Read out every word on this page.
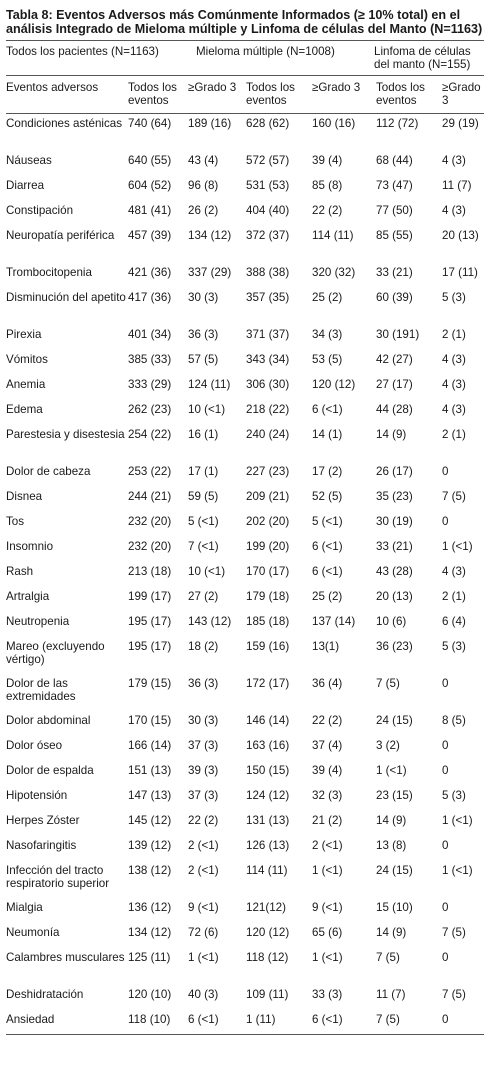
Tabla 8: Eventos Adversos más Comúnmente Informados (≥ 10% total) en el análisis Integrado de Mieloma múltiple y Linfoma de células del Manto (N=1163)
Todos los pacientes (N=1163)	Mieloma múltiple (N=1008)	Linfoma de células del manto (N=155)
Eventos adversos	Todos los eventos	≥Grado 3	Todos los eventos	≥Grado 3	Todos los eventos	≥Grado 3
Condiciones asténicas	740 (64)	189 (16)	628 (62)	160 (16)	112 (72)	29 (19)
Náuseas	640 (55)	43 (4)	572 (57)	39 (4)	68 (44)	4 (3)
Diarrea	604 (52)	96 (8)	531 (53)	85 (8)	73 (47)	11 (7)
Constipación	481 (41)	26 (2)	404 (40)	22 (2)	77 (50)	4 (3)
Neuropatía periférica	457 (39)	134 (12)	372 (37)	114 (11)	85 (55)	20 (13)
Trombocitopenia	421 (36)	337 (29)	388 (38)	320 (32)	33 (21)	17 (11)
Disminución del apetito	417 (36)	30 (3)	357 (35)	25 (2)	60 (39)	5 (3)
Pirexia	401 (34)	36 (3)	371 (37)	34 (3)	30 (191)	2 (1)
Vómitos	385 (33)	57 (5)	343 (34)	53 (5)	42 (27)	4 (3)
Anemia	333 (29)	124 (11)	306 (30)	120 (12)	27 (17)	4 (3)
Edema	262 (23)	10 (<1)	218 (22)	6 (<1)	44 (28)	4 (3)
Parestesia y disestesia	254 (22)	16 (1)	240 (24)	14 (1)	14 (9)	2 (1)
Dolor de cabeza	253 (22)	17 (1)	227 (23)	17 (2)	26 (17)	0
Disnea	244 (21)	59 (5)	209 (21)	52 (5)	35 (23)	7 (5)
Tos	232 (20)	5 (<1)	202 (20)	5 (<1)	30 (19)	0
Insomnio	232 (20)	7 (<1)	199 (20)	6 (<1)	33 (21)	1 (<1)
Rash	213 (18)	10 (<1)	170 (17)	6 (<1)	43 (28)	4 (3)
Artralgia	199 (17)	27 (2)	179 (18)	25 (2)	20 (13)	2 (1)
Neutropenia	195 (17)	143 (12)	185 (18)	137 (14)	10 (6)	6 (4)
Mareo (excluyendo vértigo)	195 (17)	18 (2)	159 (16)	13(1)	36 (23)	5 (3)
Dolor de las extremidades	179 (15)	36 (3)	172 (17)	36 (4)	7 (5)	0
Dolor abdominal	170 (15)	30 (3)	146 (14)	22 (2)	24 (15)	8 (5)
Dolor óseo	166 (14)	37 (3)	163 (16)	37 (4)	3 (2)	0
Dolor de espalda	151 (13)	39 (3)	150 (15)	39 (4)	1 (<1)	0
Hipotensión	147 (13)	37 (3)	124 (12)	32 (3)	23 (15)	5 (3)
Herpes Zóster	145 (12)	22 (2)	131 (13)	21 (2)	14 (9)	1 (<1)
Nasofaringitis	139 (12)	2 (<1)	126 (13)	2 (<1)	13 (8)	0
Infección del tracto respiratorio superior	138 (12)	2 (<1)	114 (11)	1 (<1)	24 (15)	1 (<1)
Mialgia	136 (12)	9 (<1)	121(12)	9 (<1)	15 (10)	0
Neumonía	134 (12)	72 (6)	120 (12)	65 (6)	14 (9)	7 (5)
Calambres musculares	125 (11)	1 (<1)	118 (12)	1 (<1)	7 (5)	0
Deshidratación	120 (10)	40 (3)	109 (11)	33 (3)	11 (7)	7 (5)
Ansiedad	118 (10)	6 (<1)	1 (11)	6 (<1)	7 (5)	0
